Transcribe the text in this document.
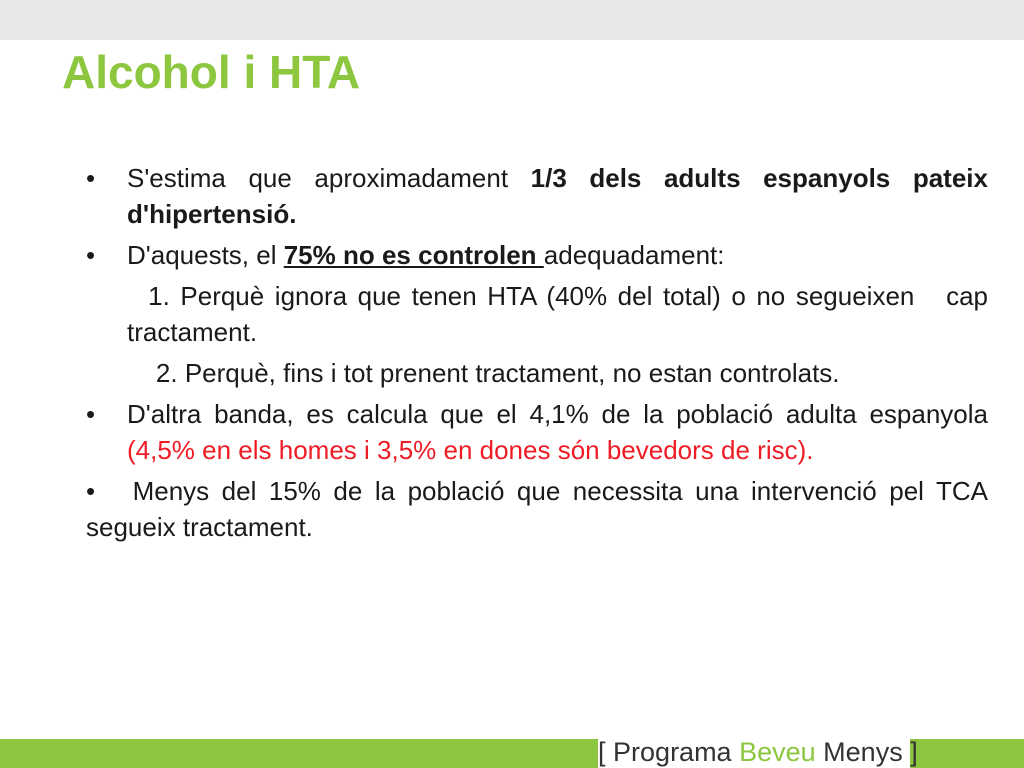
Alcohol i HTA
• S'estima que aproximadament 1/3 dels adults espanyols pateix d'hipertensió.
• D'aquests, el 75% no es controlen adequadament:
1. Perquè ignora que tenen HTA (40% del total) o no segueixen   cap tractament.
2. Perquè, fins i tot prenent tractament, no estan controlats.
• D'altra banda, es calcula que el 4,1% de la població adulta espanyola (4,5% en els homes i 3,5% en dones són bevedors de risc).
•   Menys del 15% de la població que necessita una intervenció pel TCA segueix tractament.
[ Programa Beveu Menys ]
